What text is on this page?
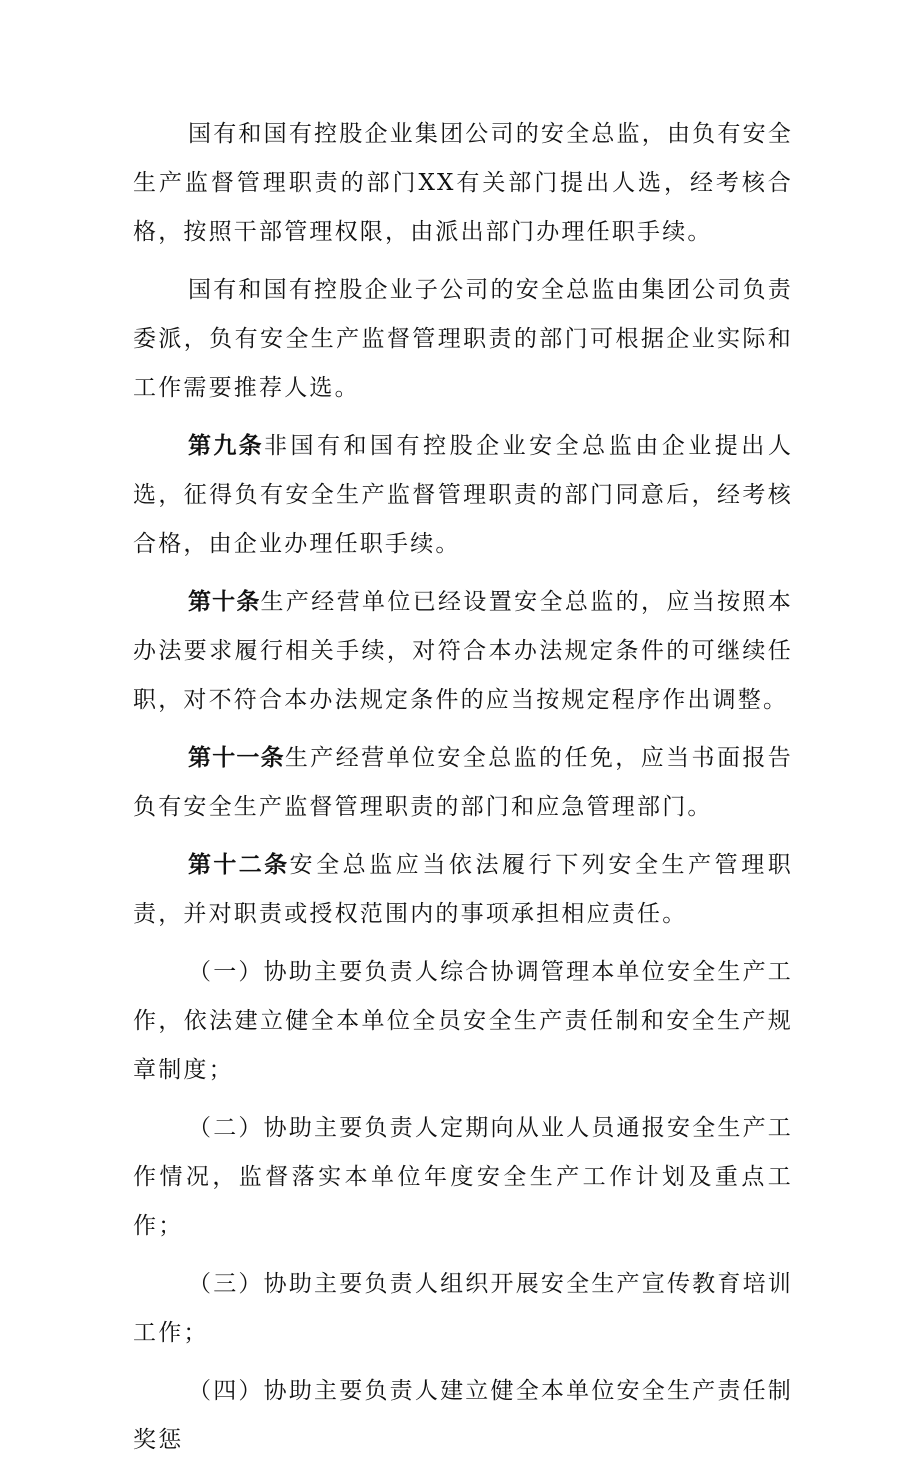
国有和国有控股企业集团公司的安全总监，由负有安全生产监督管理职责的部门XX有关部门提出人选，经考核合格，按照干部管理权限，由派出部门办理任职手续。

国有和国有控股企业子公司的安全总监由集团公司负责委派，负有安全生产监督管理职责的部门可根据企业实际和工作需要推荐人选。

第九条非国有和国有控股企业安全总监由企业提出人选，征得负有安全生产监督管理职责的部门同意后，经考核合格，由企业办理任职手续。

第十条生产经营单位已经设置安全总监的，应当按照本办法要求履行相关手续，对符合本办法规定条件的可继续任职，对不符合本办法规定条件的应当按规定程序作出调整。

第十一条生产经营单位安全总监的任免，应当书面报告负有安全生产监督管理职责的部门和应急管理部门。

第十二条安全总监应当依法履行下列安全生产管理职责，并对职责或授权范围内的事项承担相应责任。

（一）协助主要负责人综合协调管理本单位安全生产工作，依法建立健全本单位全员安全生产责任制和安全生产规章制度；

（二）协助主要负责人定期向从业人员通报安全生产工作情况，监督落实本单位年度安全生产工作计划及重点工作；

（三）协助主要负责人组织开展安全生产宣传教育培训工作；

（四）协助主要负责人建立健全本单位安全生产责任制奖惩
